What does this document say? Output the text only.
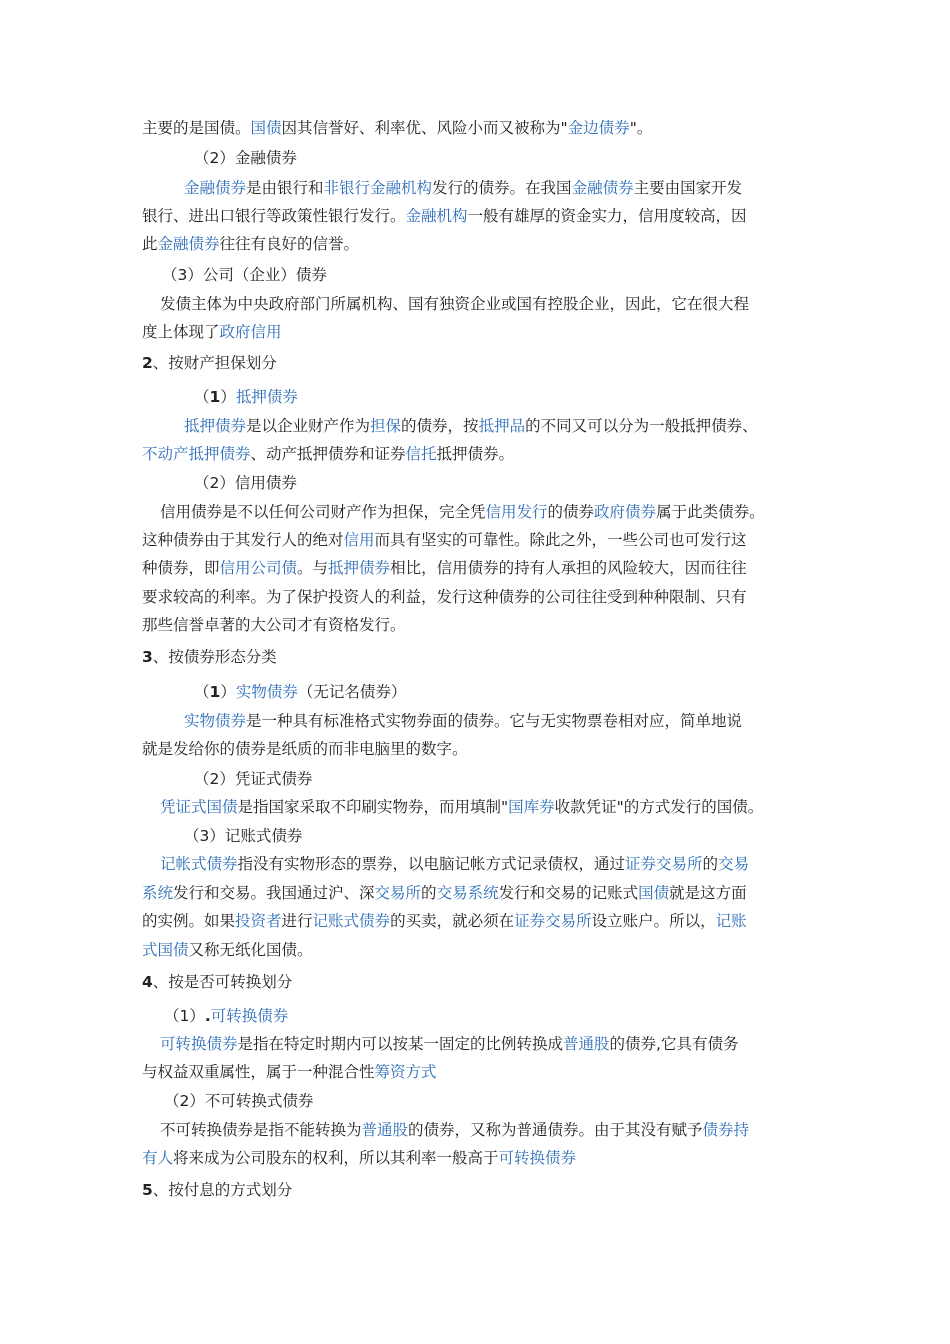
主要的是国债。国债因其信誉好、利率优、风险小而又被称为"金边债券"。
（2）金融债券
金融债券是由银行和非银行金融机构发行的债券。在我国金融债券主要由国家开发
银行、进出口银行等政策性银行发行。金融机构一般有雄厚的资金实力，信用度较高，因
此金融债券往往有良好的信誉。
（3）公司（企业）债券
发债主体为中央政府部门所属机构、国有独资企业或国有控股企业，因此，它在很大程
度上体现了政府信用
2、按财产担保划分
（1）抵押债券
抵押债券是以企业财产作为担保的债券，按抵押品的不同又可以分为一般抵押债券、
不动产抵押债券、动产抵押债券和证券信托抵押债券。
（2）信用债券
信用债券是不以任何公司财产作为担保，完全凭信用发行的债券政府债券属于此类债券。
这种债券由于其发行人的绝对信用而具有坚实的可靠性。除此之外，一些公司也可发行这
种债券，即信用公司债。与抵押债券相比，信用债券的持有人承担的风险较大，因而往往
要求较高的利率。为了保护投资人的利益，发行这种债券的公司往往受到种种限制、只有
那些信誉卓著的大公司才有资格发行。
3、按债券形态分类
（1）实物债券（无记名债券）
实物债券是一种具有标准格式实物券面的债券。它与无实物票卷相对应，简单地说
就是发给你的债券是纸质的而非电脑里的数字。
（2）凭证式债券
凭证式国债是指国家采取不印刷实物券，而用填制"国库券收款凭证"的方式发行的国债。
（3）记账式债券
记帐式债券指没有实物形态的票券，以电脑记帐方式记录债权，通过证券交易所的交易
系统发行和交易。我国通过沪、深交易所的交易系统发行和交易的记账式国债就是这方面
的实例。如果投资者进行记账式债券的买卖，就必须在证券交易所设立账户。所以，记账
式国债又称无纸化国债。
4、按是否可转换划分
（1）.可转换债券
可转换债券是指在特定时期内可以按某一固定的比例转换成普通股的债券,它具有债务
与权益双重属性，属于一种混合性筹资方式
（2）不可转换式债券
不可转换债券是指不能转换为普通股的债券，又称为普通债券。由于其没有赋予债券持
有人将来成为公司股东的权利，所以其利率一般高于可转换债券
5、按付息的方式划分
